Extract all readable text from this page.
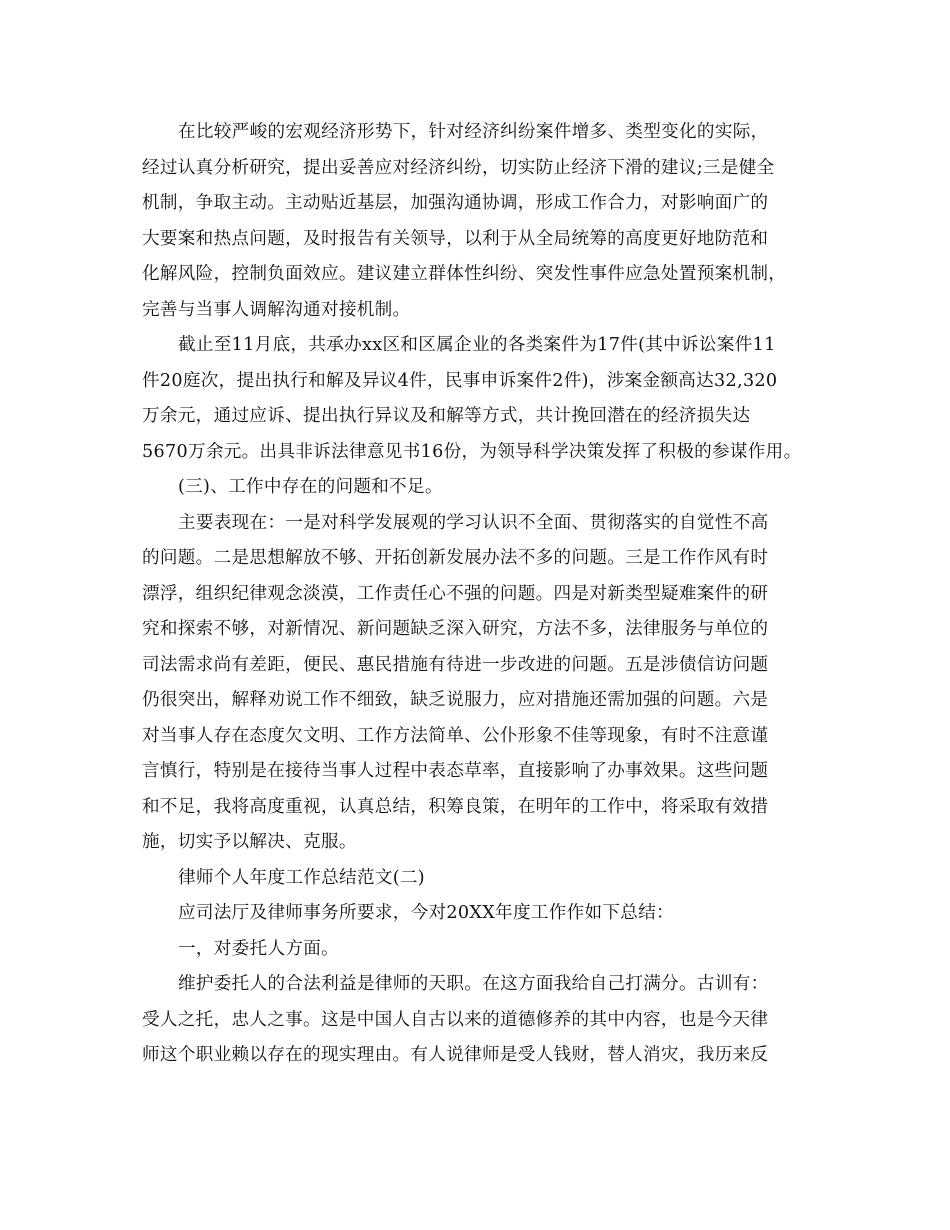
在比较严峻的宏观经济形势下，针对经济纠纷案件增多、类型变化的实际，
经过认真分析研究，提出妥善应对经济纠纷，切实防止经济下滑的建议;三是健全
机制，争取主动。主动贴近基层，加强沟通协调，形成工作合力，对影响面广的
大要案和热点问题，及时报告有关领导，以利于从全局统筹的高度更好地防范和
化解风险，控制负面效应。建议建立群体性纠纷、突发性事件应急处置预案机制，
完善与当事人调解沟通对接机制。
截止至11月底，共承办xx区和区属企业的各类案件为17件(其中诉讼案件11
件20庭次，提出执行和解及异议4件，民事申诉案件2件)，涉案金额高达32,320
万余元，通过应诉、提出执行异议及和解等方式，共计挽回潜在的经济损失达
5670万余元。出具非诉法律意见书16份，为领导科学决策发挥了积极的参谋作用。
(三)、工作中存在的问题和不足。
主要表现在：一是对科学发展观的学习认识不全面、贯彻落实的自觉性不高
的问题。二是思想解放不够、开拓创新发展办法不多的问题。三是工作作风有时
漂浮，组织纪律观念淡漠，工作责任心不强的问题。四是对新类型疑难案件的研
究和探索不够，对新情况、新问题缺乏深入研究，方法不多，法律服务与单位的
司法需求尚有差距，便民、惠民措施有待进一步改进的问题。五是涉债信访问题
仍很突出，解释劝说工作不细致，缺乏说服力，应对措施还需加强的问题。六是
对当事人存在态度欠文明、工作方法简单、公仆形象不佳等现象，有时不注意谨
言慎行，特别是在接待当事人过程中表态草率，直接影响了办事效果。这些问题
和不足，我将高度重视，认真总结，积筹良策，在明年的工作中，将采取有效措
施，切实予以解决、克服。
律师个人年度工作总结范文(二)
应司法厅及律师事务所要求，今对20XX年度工作作如下总结：
一，对委托人方面。
维护委托人的合法利益是律师的天职。在这方面我给自己打满分。古训有：
受人之托，忠人之事。这是中国人自古以来的道德修养的其中内容，也是今天律
师这个职业赖以存在的现实理由。有人说律师是受人钱财，替人消灾，我历来反
